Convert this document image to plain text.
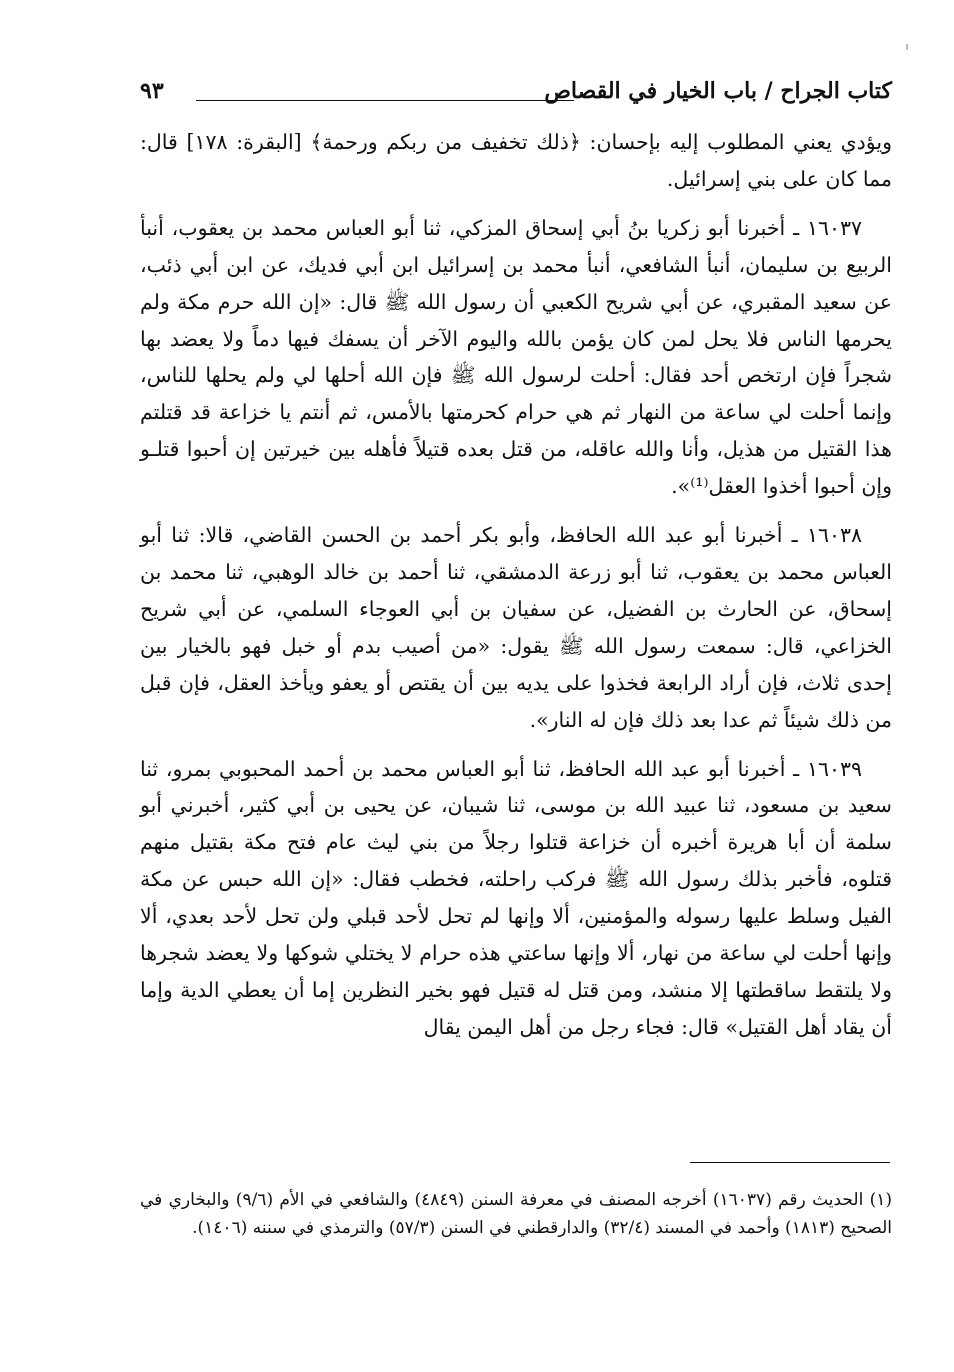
كتاب الجراح / باب الخيار في القصاص
٩٣

ويؤدي يعني المطلوب إليه بإحسان: ﴿ذلك تخفيف من ربكم ورحمة﴾ [البقرة: ١٧٨] قال: مما كان على بني إسرائيل.

١٦٠٣٧ ـ أخبرنا أبو زكريا بنُ أبي إسحاق المزكي، ثنا أبو العباس محمد بن يعقوب، أنبأ الربيع بن سليمان، أنبأ الشافعي، أنبأ محمد بن إسرائيل ابن أبي فديك، عن ابن أبي ذئب، عن سعيد المقبري، عن أبي شريح الكعبي أن رسول الله ﷺ قال: «إن الله حرم مكة ولم يحرمها الناس فلا يحل لمن كان يؤمن بالله واليوم الآخر أن يسفك فيها دماً ولا يعضد بها شجراً فإن ارتخص أحد فقال: أحلت لرسول الله ﷺ فإن الله أحلها لي ولم يحلها للناس، وإنما أحلت لي ساعة من النهار ثم هي حرام كحرمتها بالأمس، ثم أنتم يا خزاعة قد قتلتم هذا القتيل من هذيل، وأنا والله عاقله، من قتل بعده قتيلاً فأهله بين خيرتين إن أحبوا قتلـو وإن أحبوا أخذوا العقل⁽¹⁾».

١٦٠٣٨ ـ أخبرنا أبو عبد الله الحافظ، وأبو بكر أحمد بن الحسن القاضي، قالا: ثنا أبو العباس محمد بن يعقوب، ثنا أبو زرعة الدمشقي، ثنا أحمد بن خالد الوهبي، ثنا محمد بن إسحاق، عن الحارث بن الفضيل، عن سفيان بن أبي العوجاء السلمي، عن أبي شريح الخزاعي، قال: سمعت رسول الله ﷺ يقول: «من أصيب بدم أو خبل فهو بالخيار بين إحدى ثلاث، فإن أراد الرابعة فخذوا على يديه بين أن يقتص أو يعفو ويأخذ العقل، فإن قبل من ذلك شيئاً ثم عدا بعد ذلك فإن له النار».

١٦٠٣٩ ـ أخبرنا أبو عبد الله الحافظ، ثنا أبو العباس محمد بن أحمد المحبوبي بمرو، ثنا سعيد بن مسعود، ثنا عبيد الله بن موسى، ثنا شيبان، عن يحيى بن أبي كثير، أخبرني أبو سلمة أن أبا هريرة أخبره أن خزاعة قتلوا رجلاً من بني ليث عام فتح مكة بقتيل منهم قتلوه، فأخبر بذلك رسول الله ﷺ فركب راحلته، فخطب فقال: «إن الله حبس عن مكة الفيل وسلط عليها رسوله والمؤمنين، ألا وإنها لم تحل لأحد قبلي ولن تحل لأحد بعدي، ألا وإنها أحلت لي ساعة من نهار، ألا وإنها ساعتي هذه حرام لا يختلي شوكها ولا يعضد شجرها ولا يلتقط ساقطتها إلا منشد، ومن قتل له قتيل فهو بخير النظرين إما أن يعطي الدية وإما أن يقاد أهل القتيل» قال: فجاء رجل من أهل اليمن يقال

(١) الحديث رقم (١٦٠٣٧) أخرجه المصنف في معرفة السنن (٤٨٤٩) والشافعي في الأم (٩/٦) والبخاري في الصحيح (١٨١٣) وأحمد في المسند (٣٢/٤) والدارقطني في السنن (٥٧/٣) والترمذي في سننه (١٤٠٦).
